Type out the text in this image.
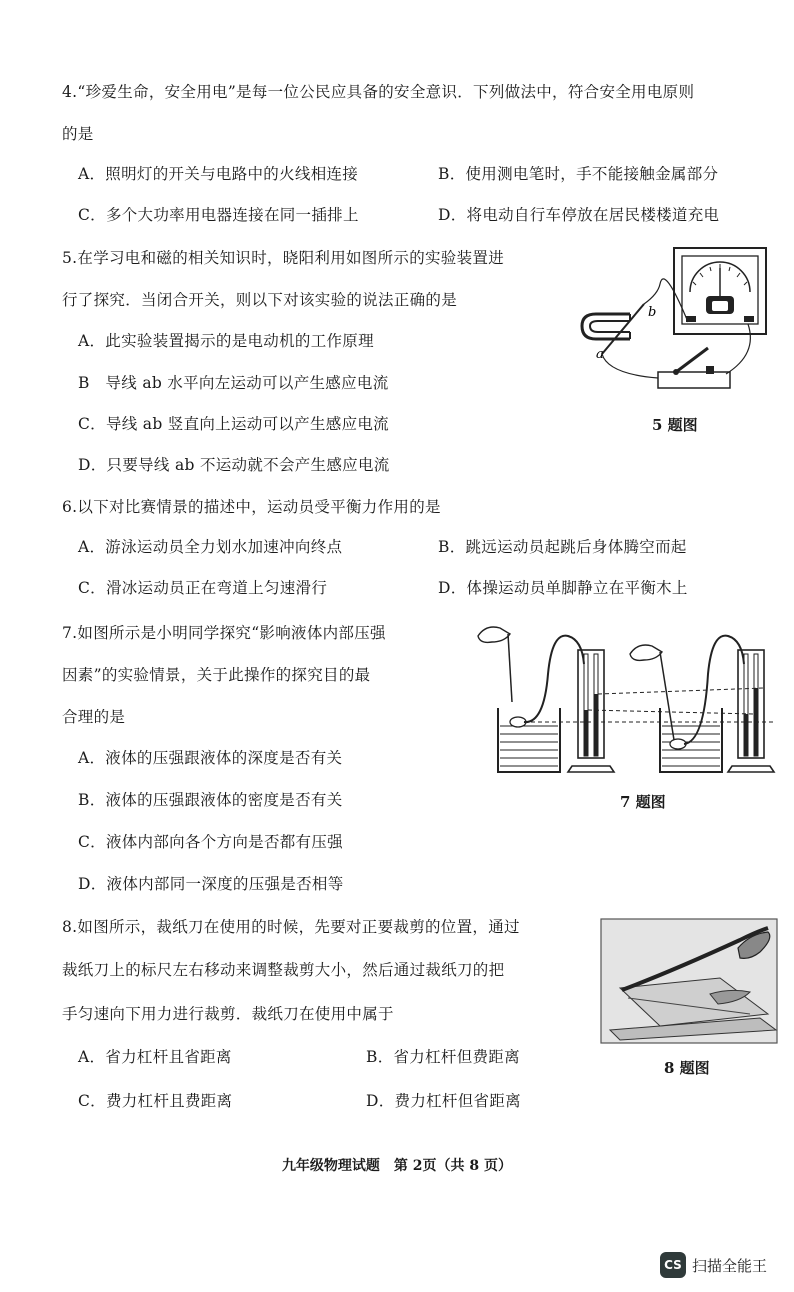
4.“珍爱生命，安全用电”是每一位公民应具备的安全意识．下列做法中，符合安全用电原则
的是
A．照明灯的开关与电路中的火线相连接	B．使用测电笔时，手不能接触金属部分
C．多个大功率用电器连接在同一插排上	D．将电动自行车停放在居民楼楼道充电
5.在学习电和磁的相关知识时，晓阳利用如图所示的实验装置进
行了探究．当闭合开关，则以下对该实验的说法正确的是
A．此实验装置揭示的是电动机的工作原理
B　导线 ab 水平向左运动可以产生感应电流
C．导线 ab 竖直向上运动可以产生感应电流
D．只要导线 ab 不运动就不会产生感应电流
a
b
5 题图
6.以下对比赛情景的描述中，运动员受平衡力作用的是
A．游泳运动员全力划水加速冲向终点	B．跳远运动员起跳后身体腾空而起
C．滑冰运动员正在弯道上匀速滑行	D．体操运动员单脚静立在平衡木上
7.如图所示是小明同学探究“影响液体内部压强
因素”的实验情景，关于此操作的探究目的最
合理的是
A．液体的压强跟液体的深度是否有关
B．液体的压强跟液体的密度是否有关
C．液体内部向各个方向是否都有压强
D．液体内部同一深度的压强是否相等
7 题图
8.如图所示，裁纸刀在使用的时候，先要对正要裁剪的位置，通过
裁纸刀上的标尺左右移动来调整裁剪大小，然后通过裁纸刀的把
手匀速向下用力进行裁剪．裁纸刀在使用中属于
A．省力杠杆且省距离	B．省力杠杆但费距离
C．费力杠杆且费距离	D．费力杠杆但省距离
8 题图
九年级物理试题　第 2页（共 8 页）
CS 扫描全能王
